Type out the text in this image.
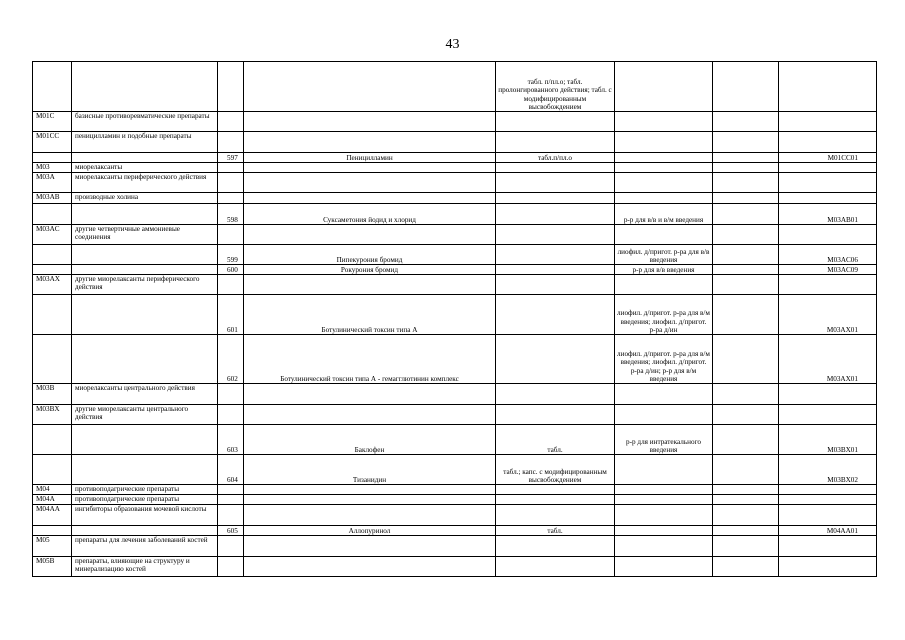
43
				табл. п/пл.о; табл. пролонгированного действия; табл. с модифицированным высвобождением			
M01C	базисные противоревматические препараты						
M01CC	пеницилламин и подобные препараты						
		597	Пеницилламин	табл.п/пл.о			M01CC01
M03	миорелаксанты						
M03A	миорелаксанты периферического действия						
M03AB	производные холина						
		598	Суксаметония йодид и хлорид		р-р для в/в и в/м введения		M03AB01
M03AC	другие четвертичные аммониевые соединения						
		599	Пипекурония бромид		лиофил. д/пригот. р-ра для в/в введения		M03AC06
		600	Рокурония бромид		р-р для в/в введения		M03AC09
M03AX	другие миорелаксанты периферического действия						
		601	Ботулинический токсин типа А		лиофил. д/пригот. р-ра для в/м введения; лиофил. д/пригот. р-ра д/ин		M03AX01
		602	Ботулинический токсин типа А - гемагглютинин комплекс		лиофил. д/пригот. р-ра для в/м введения; лиофил. д/пригот. р-ра д/ин; р-р для в/м введения		M03AX01
M03B	миорелаксанты центрального действия						
M03BX	другие миорелаксанты центрального действия						
		603	Баклофен	табл.	р-р для интратекального введения		M03BX01
		604	Тизанидин	табл.; капс. с модифицированным высвобождением			M03BX02
M04	противоподагрические препараты						
M04A	противоподагрические препараты						
M04AA	ингибиторы образования мочевой кислоты						
		605	Аллопуринол	табл.			M04AA01
M05	препараты для лечения заболеваний костей						
M05B	препараты, влияющие на структуру и минерализацию костей						
